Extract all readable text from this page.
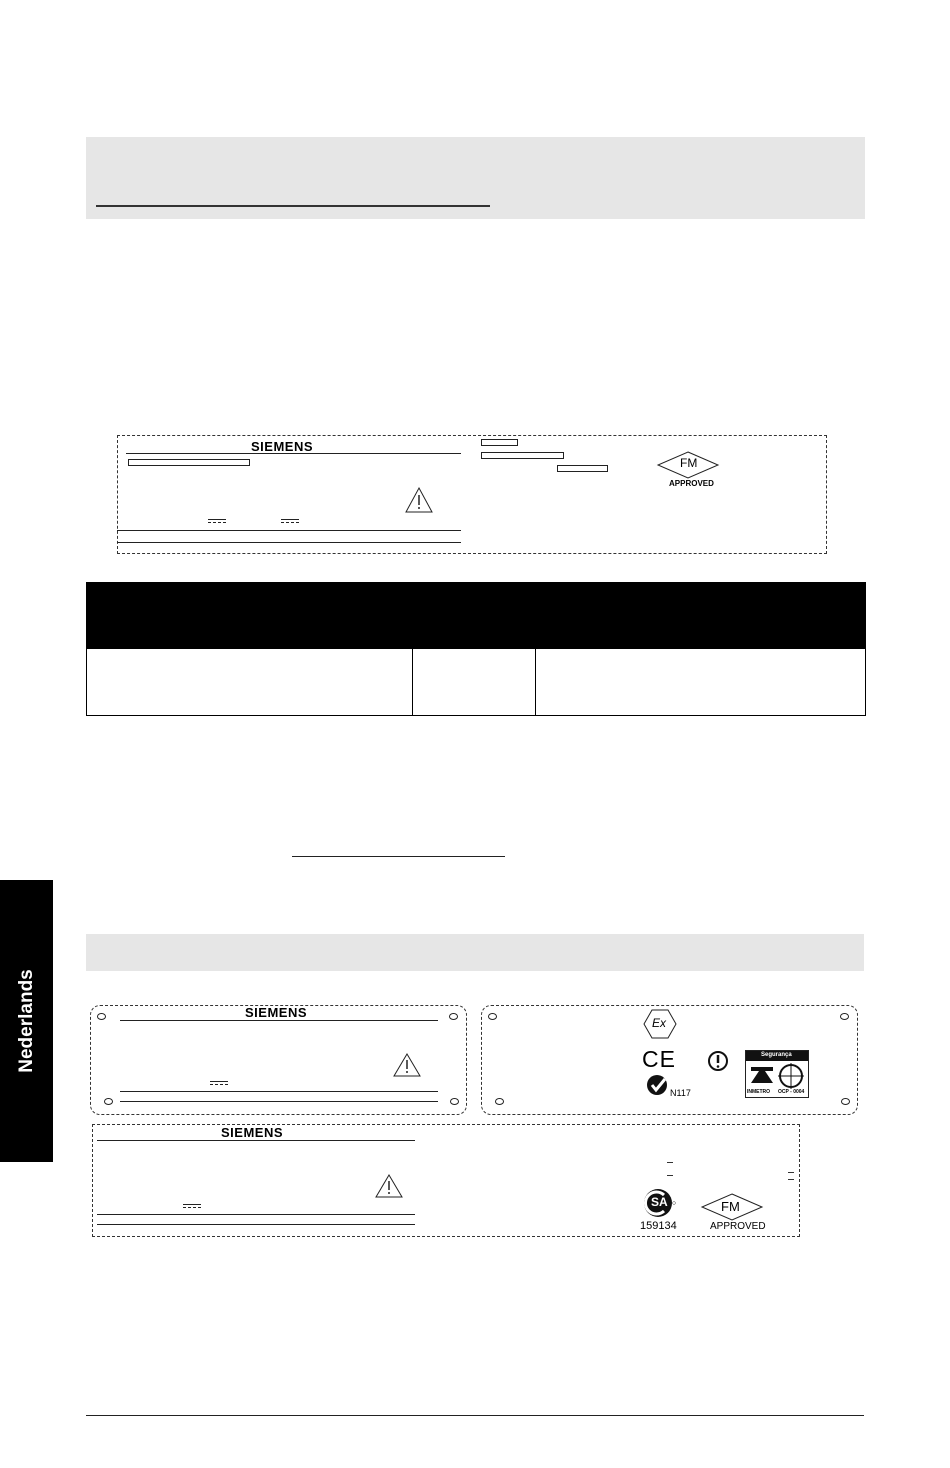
SIEMENS
FM
APPROVED
Nederlands	SIEMENS
Ex
CE
N117
Segurança
INMETRO OCP - 0004
SIEMENS
SA
159134
FM
APPROVED
